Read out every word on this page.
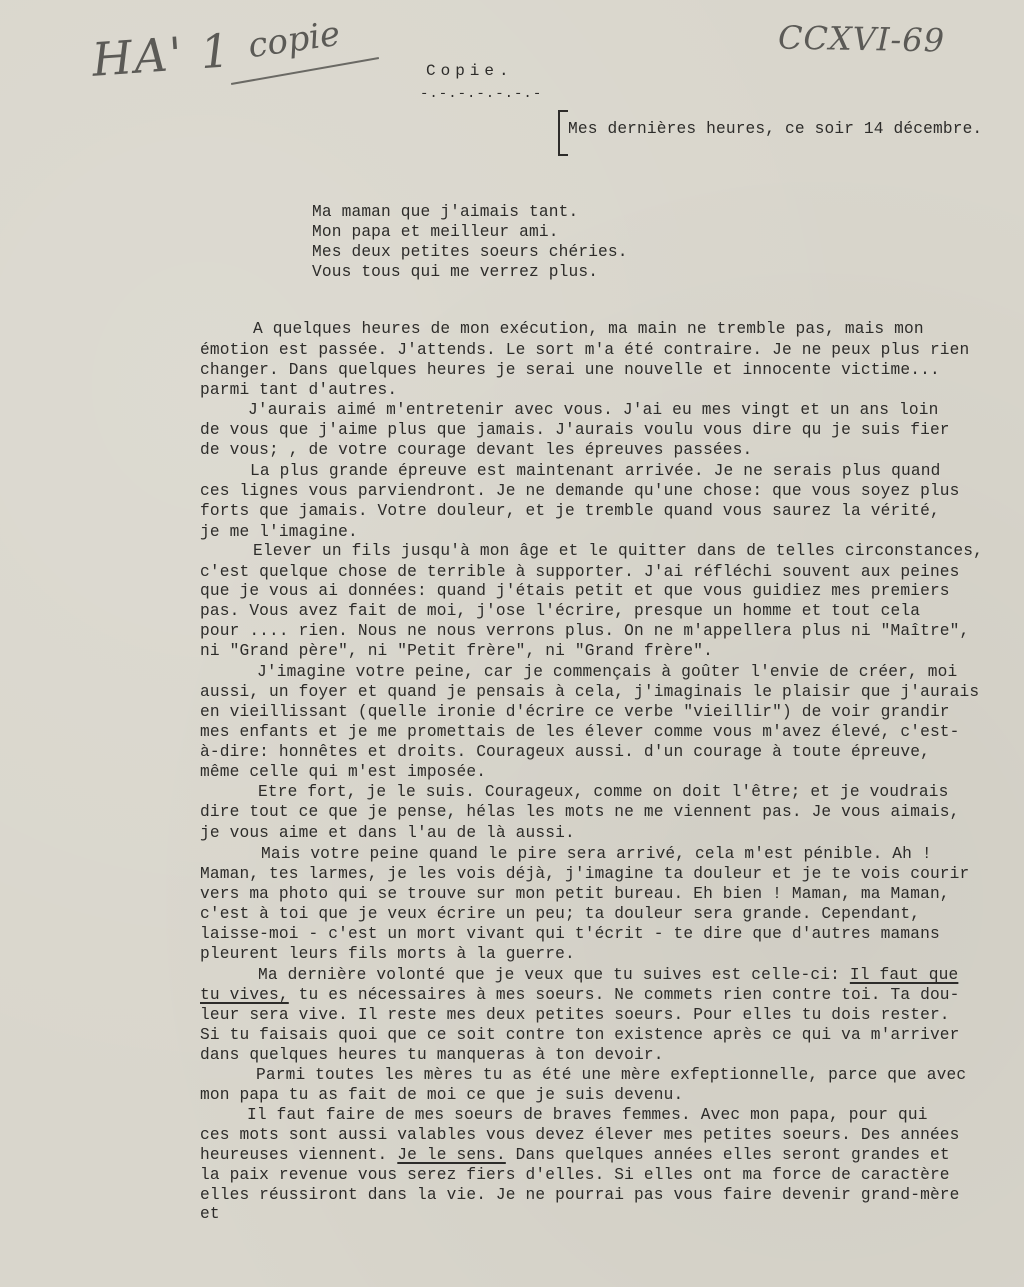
HA' 1 copie	CCXVI-69
Copie.
-.-.-.-.-.-.-
Mes dernières heures, ce soir 14 décembre.
Ma maman que j'aimais tant.
Mon papa et meilleur ami.
Mes deux petites soeurs chéries.
Vous tous qui me verrez plus.
A quelques heures de mon exécution, ma main ne tremble pas, mais mon
émotion est passée. J'attends. Le sort m'a été contraire. Je ne peux plus rien
changer. Dans quelques heures je serai une nouvelle et innocente victime...
parmi tant d'autres.
J'aurais aimé m'entretenir avec vous. J'ai eu mes vingt et un ans loin
de vous que j'aime plus que jamais. J'aurais voulu vous dire qu je suis fier
de vous; , de votre courage devant les épreuves passées.
La plus grande épreuve est maintenant arrivée. Je ne serais plus quand
ces lignes vous parviendront. Je ne demande qu'une chose: que vous soyez plus
forts que jamais. Votre douleur, et je tremble quand vous saurez la vérité,
je me l'imagine.
Elever un fils jusqu'à mon âge et le quitter dans de telles circonstances,
c'est quelque chose de terrible à supporter. J'ai réfléchi souvent aux peines
que je vous ai données: quand j'étais petit et que vous guidiez mes premiers
pas. Vous avez fait de moi, j'ose l'écrire, presque un homme et tout cela
pour .... rien. Nous ne nous verrons plus. On ne m'appellera plus ni "Maître",
ni "Grand père", ni "Petit frère", ni "Grand frère".
J'imagine votre peine, car je commençais à goûter l'envie de créer, moi
aussi, un foyer et quand je pensais à cela, j'imaginais le plaisir que j'aurais
en vieillissant (quelle ironie d'écrire ce verbe "vieillir") de voir grandir
mes enfants et je me promettais de les élever comme vous m'avez élevé, c'est-
à-dire: honnêtes et droits. Courageux aussi. d'un courage à toute épreuve,
même celle qui m'est imposée.
Etre fort, je le suis. Courageux, comme on doit l'être; et je voudrais
dire tout ce que je pense, hélas les mots ne me viennent pas. Je vous aimais,
je vous aime et dans l'au de là aussi.
Mais votre peine quand le pire sera arrivé, cela m'est pénible. Ah !
Maman, tes larmes, je les vois déjà, j'imagine ta douleur et je te vois courir
vers ma photo qui se trouve sur mon petit bureau. Eh bien ! Maman, ma Maman,
c'est à toi que je veux écrire un peu; ta douleur sera grande. Cependant,
laisse-moi - c'est un mort vivant qui t'écrit - te dire que d'autres mamans
pleurent leurs fils morts à la guerre.
Ma dernière volonté que je veux que tu suives est celle-ci: Il faut que
tu vives, tu es nécessaires à mes soeurs. Ne commets rien contre toi. Ta dou-
leur sera vive. Il reste mes deux petites soeurs. Pour elles tu dois rester.
Si tu faisais quoi que ce soit contre ton existence après ce qui va m'arriver
dans quelques heures tu manqueras à ton devoir.
Parmi toutes les mères tu as été une mère exfeptionnelle, parce que avec
mon papa tu as fait de moi ce que je suis devenu.
Il faut faire de mes soeurs de braves femmes. Avec mon papa, pour qui
ces mots sont aussi valables vous devez élever mes petites soeurs. Des années
la paix revenue vous serez fiers d'elles. Si elles ont ma force de caractère
elles réussiront dans la vie. Je ne pourrai pas vous faire devenir grand-mère
et
heureuses viennent. Je le sens. Dans quelques années elles seront grandes et
